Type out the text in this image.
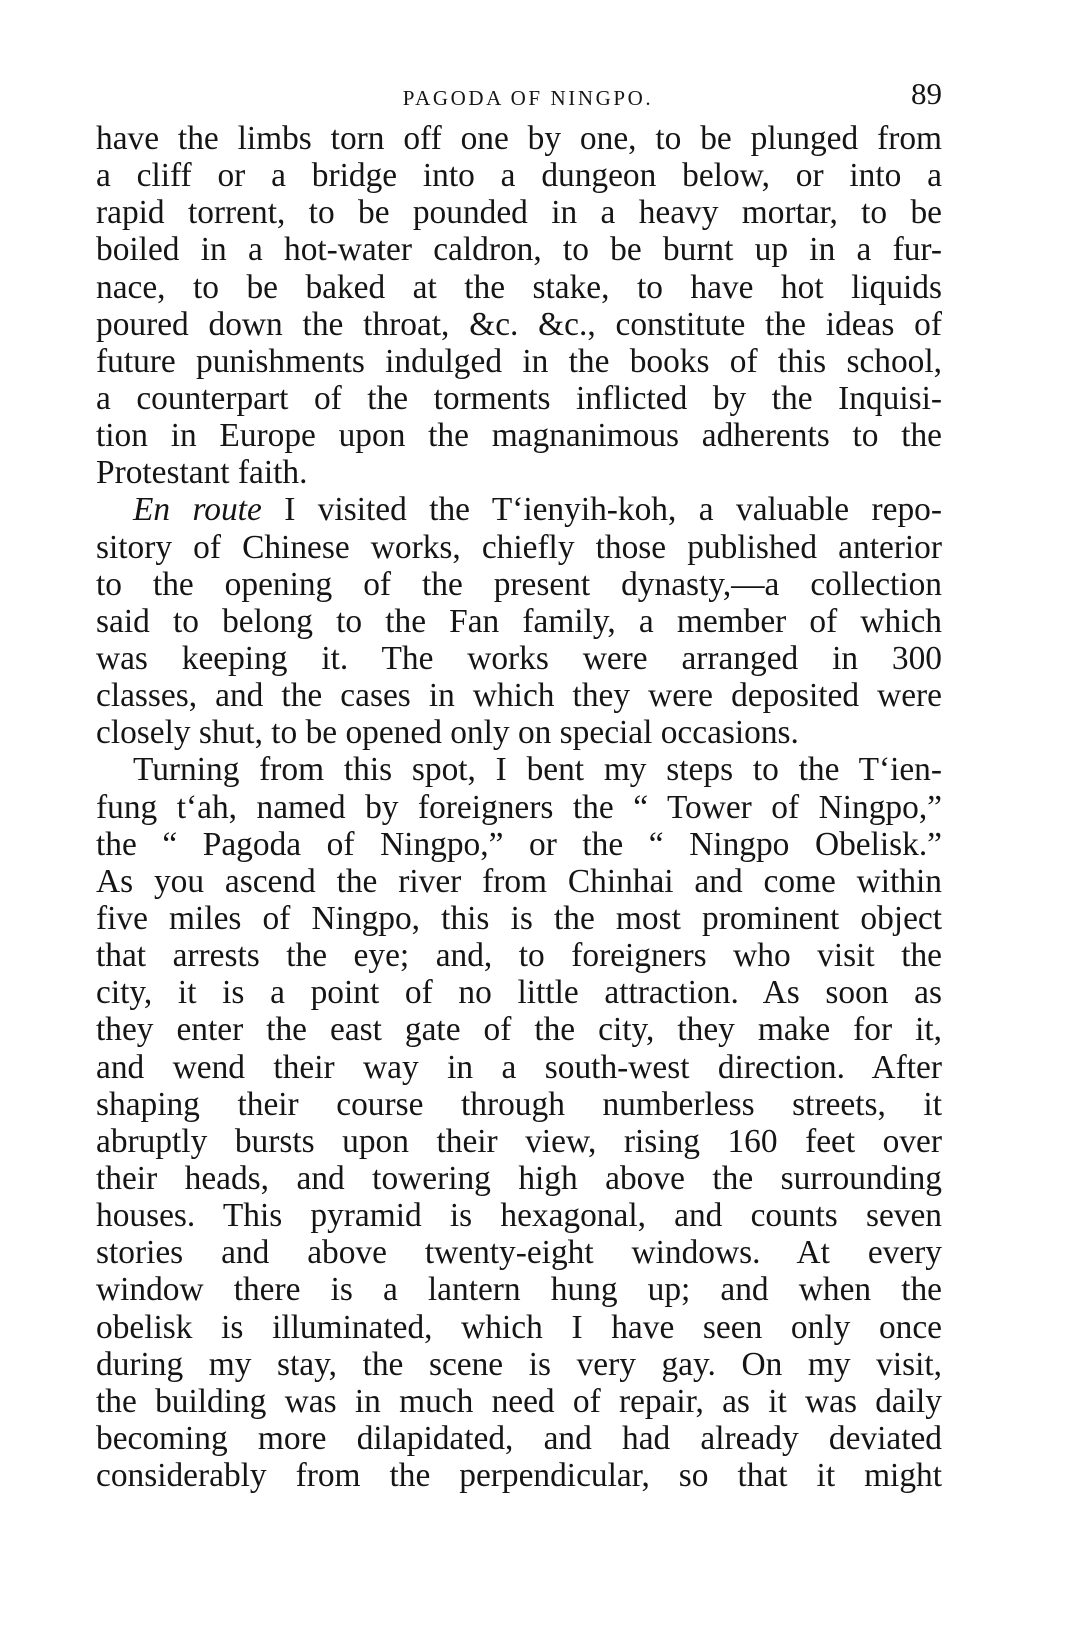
PAGODA OF NINGPO.	89
have the limbs torn off one by one, to be plunged from
a cliff or a bridge into a dungeon below, or into a
rapid torrent, to be pounded in a heavy mortar, to be
boiled in a hot-water caldron, to be burnt up in a fur-
nace, to be baked at the stake, to have hot liquids
poured down the throat, &c. &c., constitute the ideas of
future punishments indulged in the books of this school,
a counterpart of the torments inflicted by the Inquisi-
tion in Europe upon the magnanimous adherents to the
Protestant faith.
En route I visited the T‘ienyih-koh, a valuable repo-
sitory of Chinese works, chiefly those published anterior
to the opening of the present dynasty,—a collection
said to belong to the Fan family, a member of which
was keeping it. The works were arranged in 300
classes, and the cases in which they were deposited were
closely shut, to be opened only on special occasions.
Turning from this spot, I bent my steps to the T‘ien-
fung t‘ah, named by foreigners the “ Tower of Ningpo,”
the “ Pagoda of Ningpo,” or the “ Ningpo Obelisk.”
As you ascend the river from Chinhai and come within
five miles of Ningpo, this is the most prominent object
that arrests the eye; and, to foreigners who visit the
city, it is a point of no little attraction. As soon as
they enter the east gate of the city, they make for it,
and wend their way in a south-west direction. After
shaping their course through numberless streets, it
abruptly bursts upon their view, rising 160 feet over
their heads, and towering high above the surrounding
houses. This pyramid is hexagonal, and counts seven
stories and above twenty-eight windows. At every
window there is a lantern hung up; and when the
obelisk is illuminated, which I have seen only once
during my stay, the scene is very gay. On my visit,
the building was in much need of repair, as it was daily
becoming more dilapidated, and had already deviated
considerably from the perpendicular, so that it might
